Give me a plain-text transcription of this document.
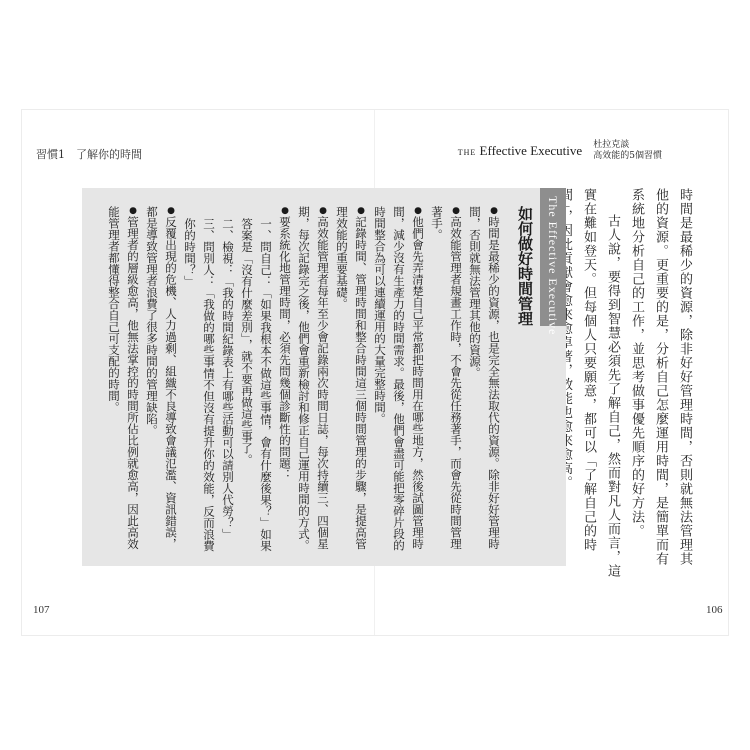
習慣1　了解你的時間	THE Effective Executive 杜拉克談
高效能的5個習慣

時間是最稀少的資源，除非好好管理時間，否則就無法管理其他的資源。更重要的是，分析自己怎麼運用時間，是簡單而有系統地分析自己的工作，並思考做事優先順序的好方法。

古人說，要得到智慧必須先了解自己，然而對凡人而言，這實在難如登天。但每個人只要願意，都可以「了解自己的時

The Effective Executive

如何做好時間管理

●時間是最稀少的資源，也是完全無法取代的資源。除非好好管理時間，否則就無法管理其他的資源。

●高效能管理者規畫工作時，不會先從任務著手，而會先從時間管理著手。

●他們會先弄清楚自己平常都把時間用在哪些地方，然後試圖管理時間，減少沒有生產力的時間需求。最後，他們會盡可能把零碎片段的時間整合為可以連續運用的大量完整時間。

●記錄時間、管理時間和整合時間這三個時間管理的步驟，是提高管理效能的重要基礎。

●高效能管理者每年至少會記錄兩次時間日誌，每次持續三、四個星期，每次記錄完之後，他們會重新檢討和修正自己運用時間的方式。

●要系統化地管理時間，必須先問幾個診斷性的問題：

一、問自己：「如果我根本不做這些事情，會有什麼後果？」如果答案是「沒有什麼差別」，就不要再做這些事了。

二、檢視：「我的時間紀錄表上有哪些活動可以請別人代勞？」

三、問別人：「我做的哪些事情不但沒有提升你的效能，反而浪費你的時間？」

●反覆出現的危機、人力過剩、組織不良導致會議氾濫、資訊錯誤，都是導致管理者浪費了很多時間的管理缺陷。

●管理者的層級愈高，他無法掌控的時間所佔比例就愈高，因此高效能管理者都懂得整合自己可支配的時間。

107	106
